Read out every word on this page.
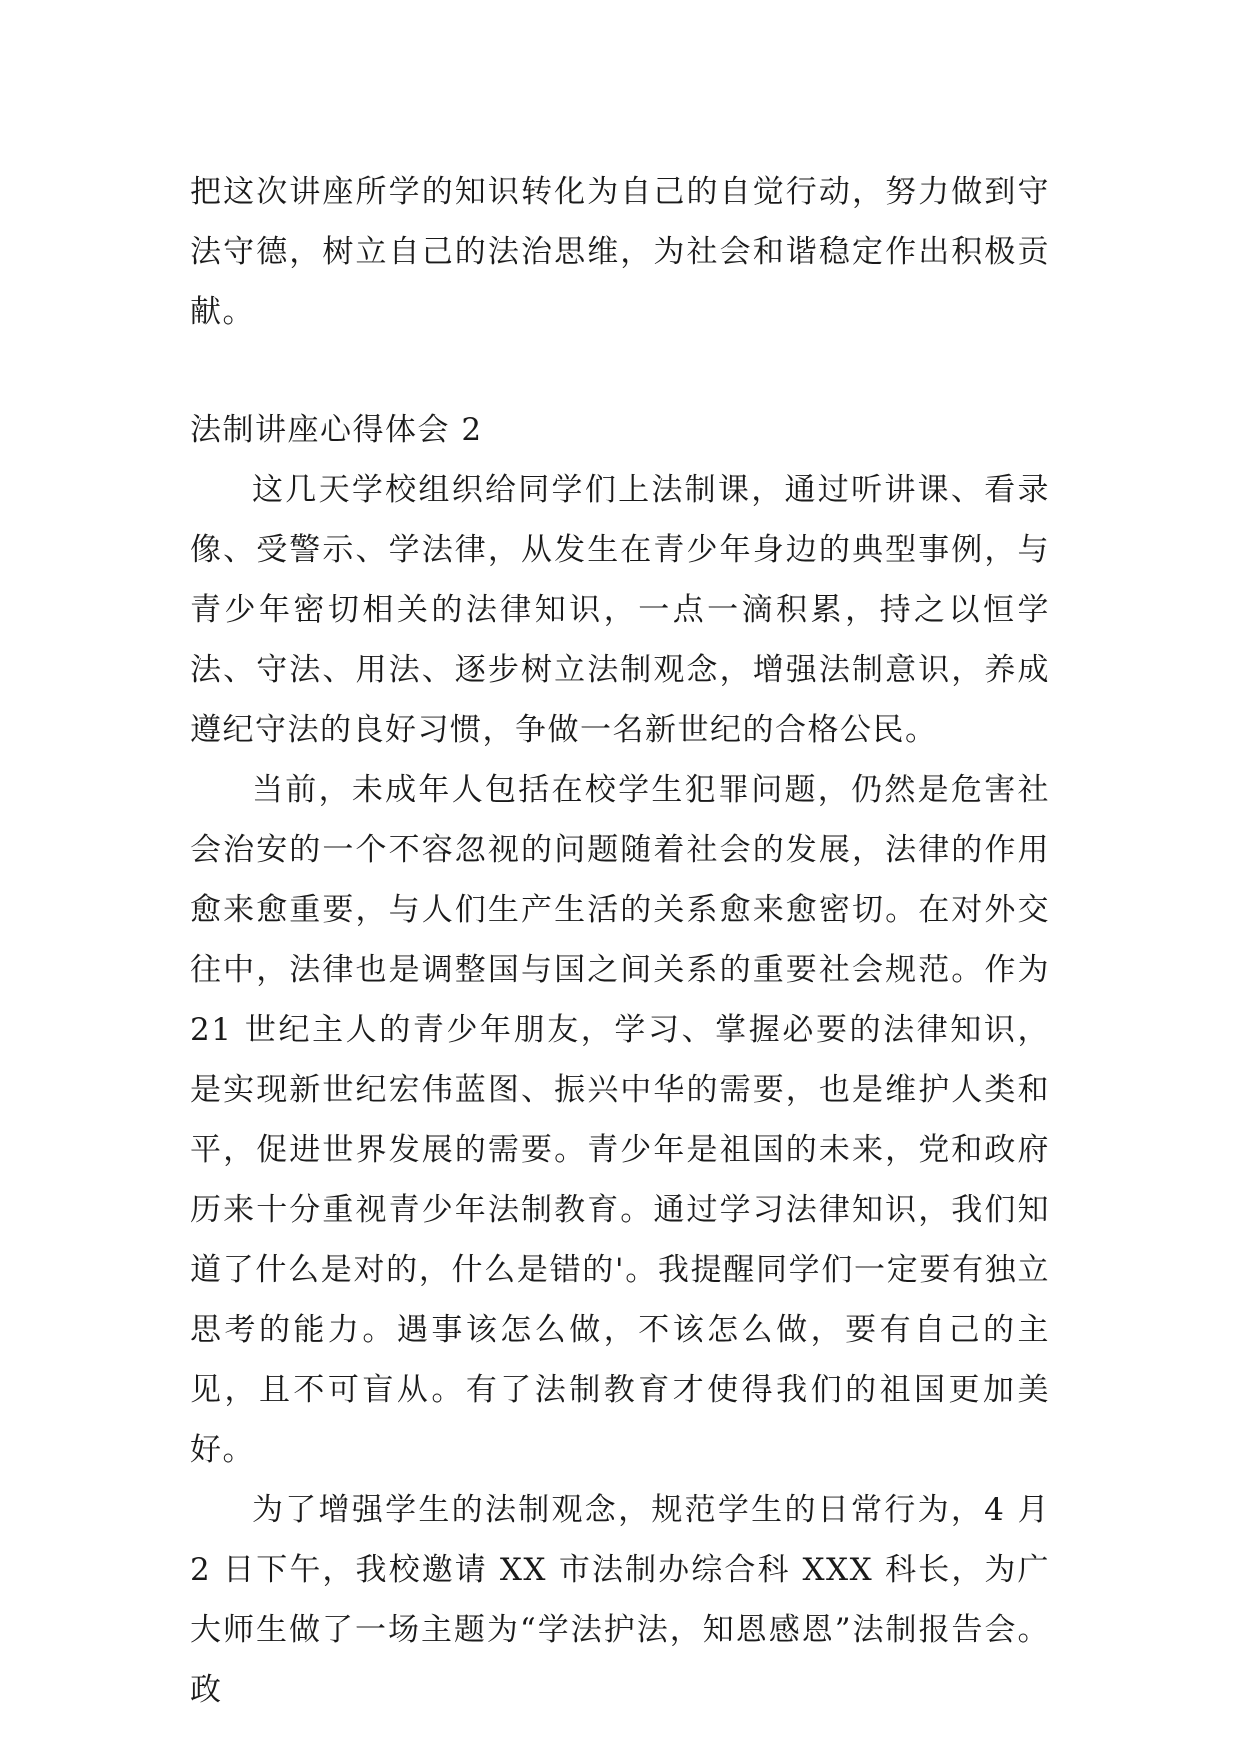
把这次讲座所学的知识转化为自己的自觉行动，努力做到守法守德，树立自己的法治思维，为社会和谐稳定作出积极贡献。

法制讲座心得体会 2

这几天学校组织给同学们上法制课，通过听讲课、看录像、受警示、学法律，从发生在青少年身边的典型事例，与青少年密切相关的法律知识，一点一滴积累，持之以恒学法、守法、用法、逐步树立法制观念，增强法制意识，养成遵纪守法的良好习惯，争做一名新世纪的合格公民。

当前，未成年人包括在校学生犯罪问题，仍然是危害社会治安的一个不容忽视的问题随着社会的发展，法律的作用愈来愈重要，与人们生产生活的关系愈来愈密切。在对外交往中，法律也是调整国与国之间关系的重要社会规范。作为 21 世纪主人的青少年朋友，学习、掌握必要的法律知识，是实现新世纪宏伟蓝图、振兴中华的需要，也是维护人类和平，促进世界发展的需要。青少年是祖国的未来，党和政府历来十分重视青少年法制教育。通过学习法律知识，我们知道了什么是对的，什么是错的'。我提醒同学们一定要有独立思考的能力。遇事该怎么做，不该怎么做，要有自己的主见，且不可盲从。有了法制教育才使得我们的祖国更加美好。

为了增强学生的法制观念，规范学生的日常行为，4 月 2 日下午，我校邀请 XX 市法制办综合科 XXX 科长，为广大师生做了一场主题为“学法护法，知恩感恩”法制报告会。政
